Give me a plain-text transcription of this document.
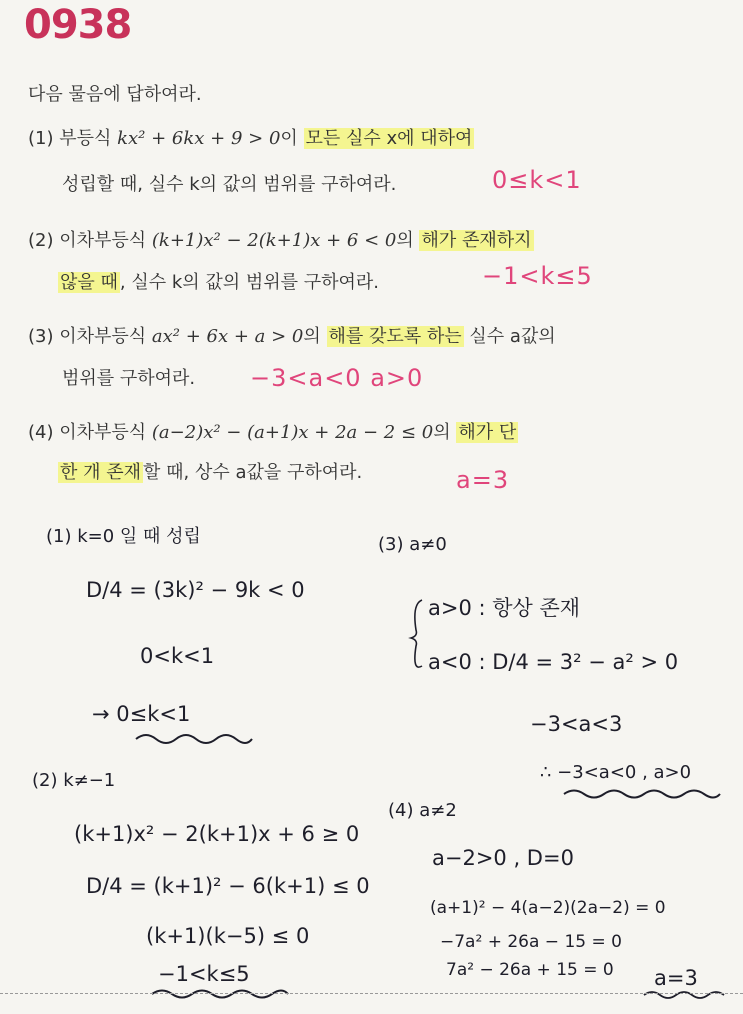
0938
다음 물음에 답하여라.
(1) 부등식 kx² + 6kx + 9 > 0이 모든 실수 x에 대하여
성립할 때, 실수 k의 값의 범위를 구하여라.	0≤k<1
(2) 이차부등식 (k+1)x² − 2(k+1)x + 6 < 0의 해가 존재하지
않을 때 , 실수 k의 값의 범위를 구하여라.	−1<k≤5
(3) 이차부등식 ax² + 6x + a > 0의 해를 갖도록 하는 실수 a값의
범위를 구하여라. −3<a<0 a>0
(4) 이차부등식 (a−2)x² − (a+1)x + 2a − 2 ≤ 0의 해가 단
한 개 존재 할 때, 상수 a값을 구하여라.	a=3
(1) k=0 일 때 성립
D/4 = (3k)² − 9k < 0
0<k<1
→ 0≤k<1
(2) k≠−1
(k+1)x² − 2(k+1)x + 6 ≥ 0
D/4 = (k+1)² − 6(k+1) ≤ 0
(k+1)(k−5) ≤ 0
−1<k≤5
(3) a≠0
a>0 : 항상 존재
a<0 : D/4 = 3² − a² > 0
−3<a<3
∴ −3<a<0 , a>0
(4) a≠2
a−2>0 , D=0
(a+1)² − 4(a−2)(2a−2) = 0
−7a² + 26a − 15 = 0
7a² − 26a + 15 = 0 a=3
